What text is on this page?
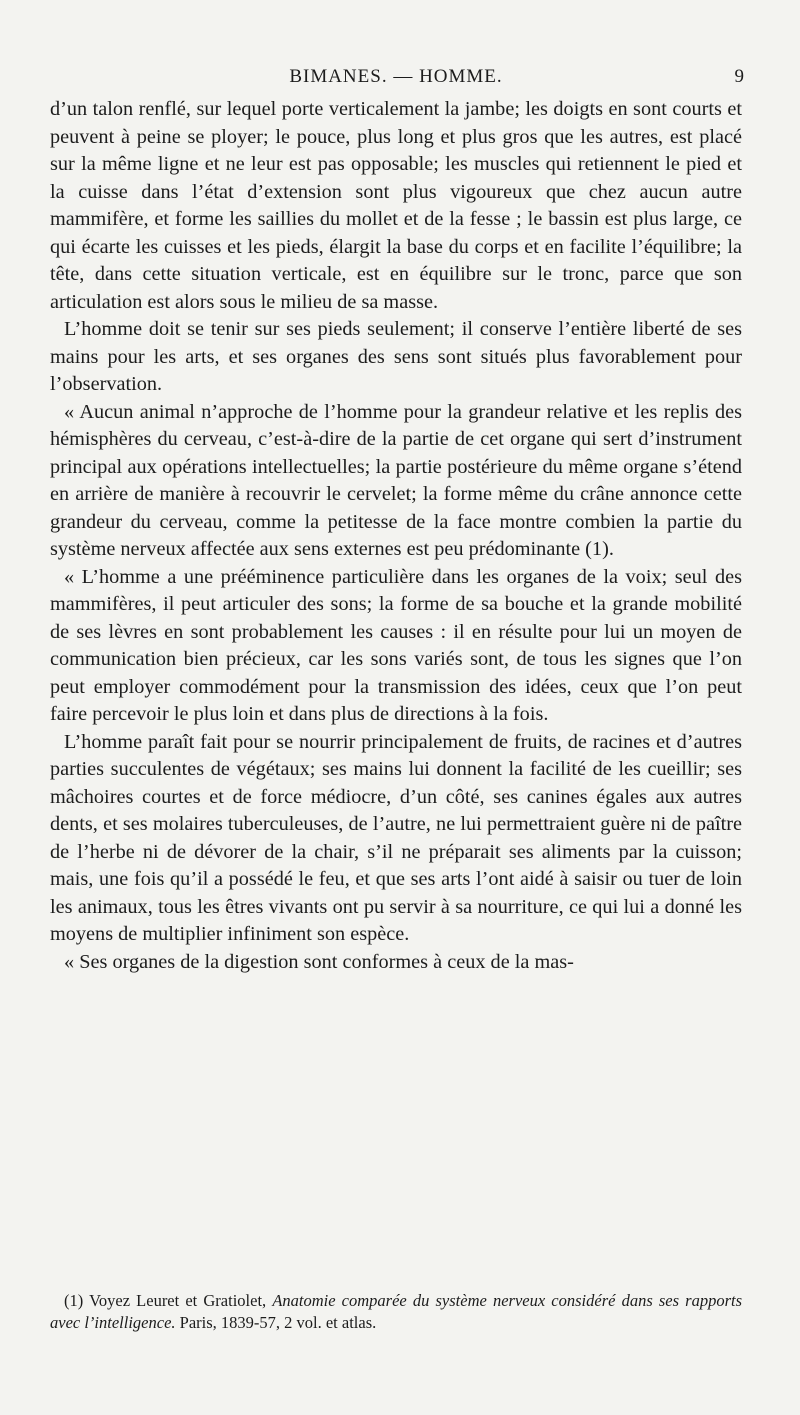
BIMANES. — HOMME.	9

d’un talon renflé, sur lequel porte verticalement la jambe; les doigts en sont courts et peuvent à peine se ployer; le pouce, plus long et plus gros que les autres, est placé sur la même ligne et ne leur est pas opposable; les muscles qui retiennent le pied et la cuisse dans l’état d’extension sont plus vigoureux que chez aucun autre mammifère, et forme les saillies du mollet et de la fesse ; le bassin est plus large, ce qui écarte les cuisses et les pieds, élargit la base du corps et en facilite l’équilibre; la tête, dans cette situation verticale, est en équilibre sur le tronc, parce que son articulation est alors sous le milieu de sa masse.

L’homme doit se tenir sur ses pieds seulement; il conserve l’entière liberté de ses mains pour les arts, et ses organes des sens sont situés plus favorablement pour l’observation.

« Aucun animal n’approche de l’homme pour la grandeur relative et les replis des hémisphères du cerveau, c’est-à-dire de la partie de cet organe qui sert d’instrument principal aux opérations intellectuelles; la partie postérieure du même organe s’étend en arrière de manière à recouvrir le cervelet; la forme même du crâne annonce cette grandeur du cerveau, comme la petitesse de la face montre combien la partie du système nerveux affectée aux sens externes est peu prédominante (1).

« L’homme a une prééminence particulière dans les organes de la voix; seul des mammifères, il peut articuler des sons; la forme de sa bouche et la grande mobilité de ses lèvres en sont probablement les causes : il en résulte pour lui un moyen de communication bien précieux, car les sons variés sont, de tous les signes que l’on peut employer commodément pour la transmission des idées, ceux que l’on peut faire percevoir le plus loin et dans plus de directions à la fois.

L’homme paraît fait pour se nourrir principalement de fruits, de racines et d’autres parties succulentes de végétaux; ses mains lui donnent la facilité de les cueillir; ses mâchoires courtes et de force médiocre, d’un côté, ses canines égales aux autres dents, et ses molaires tuberculeuses, de l’autre, ne lui permettraient guère ni de paître de l’herbe ni de dévorer de la chair, s’il ne préparait ses aliments par la cuisson; mais, une fois qu’il a possédé le feu, et que ses arts l’ont aidé à saisir ou tuer de loin les animaux, tous les êtres vivants ont pu servir à sa nourriture, ce qui lui a donné les moyens de multiplier infiniment son espèce.

« Ses organes de la digestion sont conformes à ceux de la mas-

(1) Voyez Leuret et Gratiolet, Anatomie comparée du système nerveux considéré dans ses rapports avec l’intelligence. Paris, 1839-57, 2 vol. et atlas.
